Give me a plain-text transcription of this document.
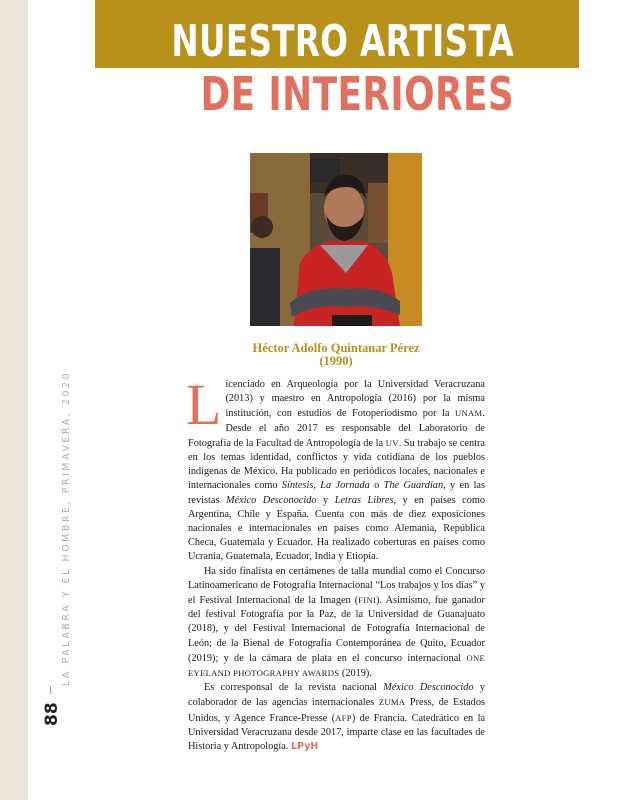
LA PALABRA Y EL HOMBRE, PRIMAVERA, 2020
88
NUESTRO ARTISTA
DE INTERIORES
Héctor Adolfo Quintanar Pérez
(1990)

Licenciado en Arqueología por la Universidad Veracruzana (2013) y maestro en Antropología (2016) por la misma institución, con estudios de Fotoperiodismo por la UNAM. Desde el año 2017 es responsable del Laboratorio de Fotografía de la Facultad de Antropología de la UV. Su trabajo se centra en los temas identidad, conflictos y vida cotidiana de los pueblos indígenas de México. Ha publicado en periódicos locales, nacionales e internacionales como Síntesis, La Jornada o The Guardian, y en las revistas México Desconocido y Letras Libres, y en países como Argentina, Chile y España. Cuenta con más de diez exposiciones nacionales e internacionales en países como Alemania, República Checa, Guatemala y Ecuador. Ha realizado coberturas en países como Ucrania, Guatemala, Ecuador, India y Etiopía.

Ha sido finalista en certámenes de talla mundial como el Concurso Latinoamericano de Fotografía Internacional “Los trabajos y los días” y el Festival Internacional de la Imagen (FINI). Asimismo, fue ganador del festival Fotografía por la Paz, de la Universidad de Guanajuato (2018), y del Festival Internacional de Fotografía Internacional de León; de la Bienal de Fotografía Contemporánea de Quito, Ecuador (2019); y de la cámara de plata en el concurso internacional ONE EYELAND PHOTOGRAPHY AWARDS (2019).

Es corresponsal de la revista nacional México Desconocido y colaborador de las agencias internacionales ZUMA Press, de Estados Unidos, y Agence France-Presse (AFP) de Francia. Catedrático en la Universidad Veracruzana desde 2017, imparte clase en las facultades de Historia y Antropología. LPyH
